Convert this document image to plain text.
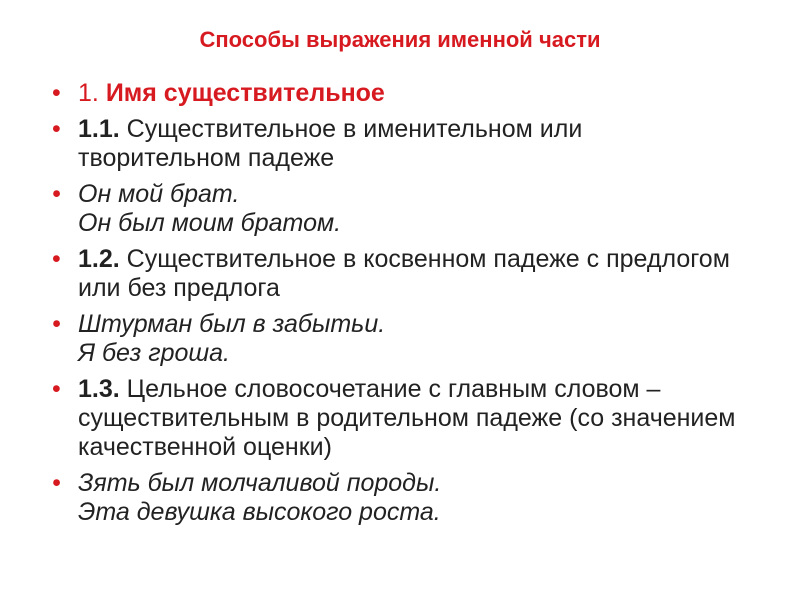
Способы выражения именной части
• 1. Имя существительное
• 1.1. Существительное в именительном или творительном падеже
• Он мой брат.
Он был моим братом.
• 1.2. Существительное в косвенном падеже с предлогом или без предлога
• Штурман был в забытьи.
Я без гроша.
• 1.3. Цельное словосочетание с главным словом – существительным в родительном падеже (со значением качественной оценки)
• Зять был молчаливой породы.
Эта девушка высокого роста.
